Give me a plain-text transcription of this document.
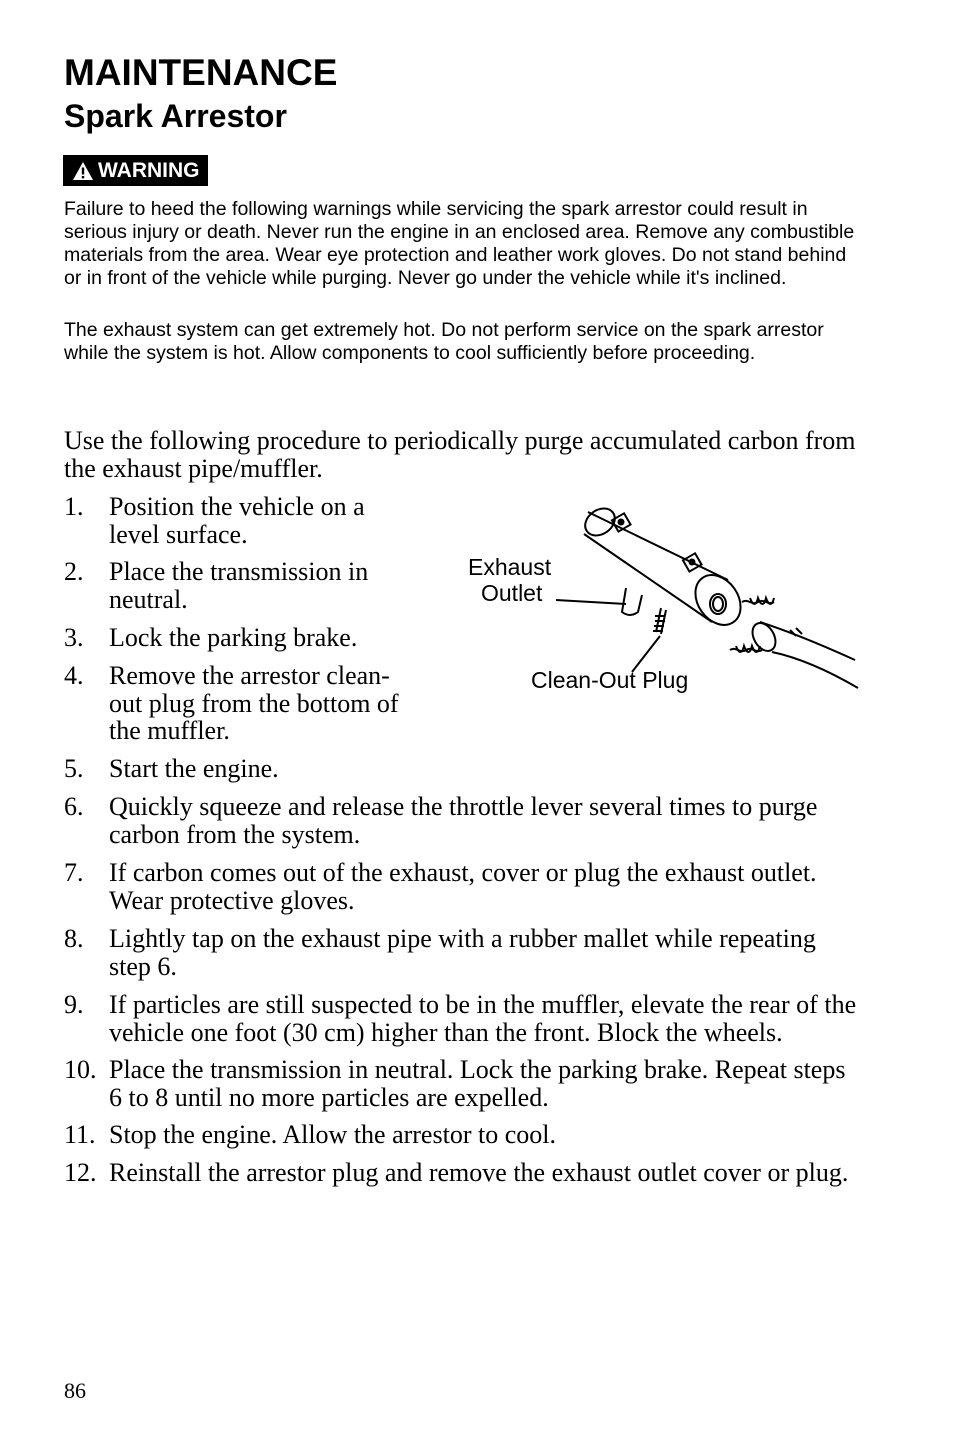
MAINTENANCE
Spark Arrestor
WARNING

Failure to heed the following warnings while servicing the spark arrestor could result in serious injury or death. Never run the engine in an enclosed area. Remove any combustible materials from the area. Wear eye protection and leather work gloves. Do not stand behind or in front of the vehicle while purging. Never go under the vehicle while it's inclined.

The exhaust system can get extremely hot. Do not perform service on the spark arrestor while the system is hot. Allow components to cool sufficiently before proceeding.

Use the following procedure to periodically purge accumulated carbon from the exhaust pipe/muffler.

1. Position the vehicle on a level surface.
2. Place the transmission in neutral.
3. Lock the parking brake.
4. Remove the arrestor clean-out plug from the bottom of the muffler.
5. Start the engine.
6. Quickly squeeze and release the throttle lever several times to purge carbon from the system.
7. If carbon comes out of the exhaust, cover or plug the exhaust outlet. Wear protective gloves.
8. Lightly tap on the exhaust pipe with a rubber mallet while repeating step 6.
9. If particles are still suspected to be in the muffler, elevate the rear of the vehicle one foot (30 cm) higher than the front. Block the wheels.
10. Place the transmission in neutral. Lock the parking brake. Repeat steps 6 to 8 until no more particles are expelled.
11. Stop the engine. Allow the arrestor to cool.
12. Reinstall the arrestor plug and remove the exhaust outlet cover or plug.
Exhaust
Outlet
Clean-Out Plug
86
